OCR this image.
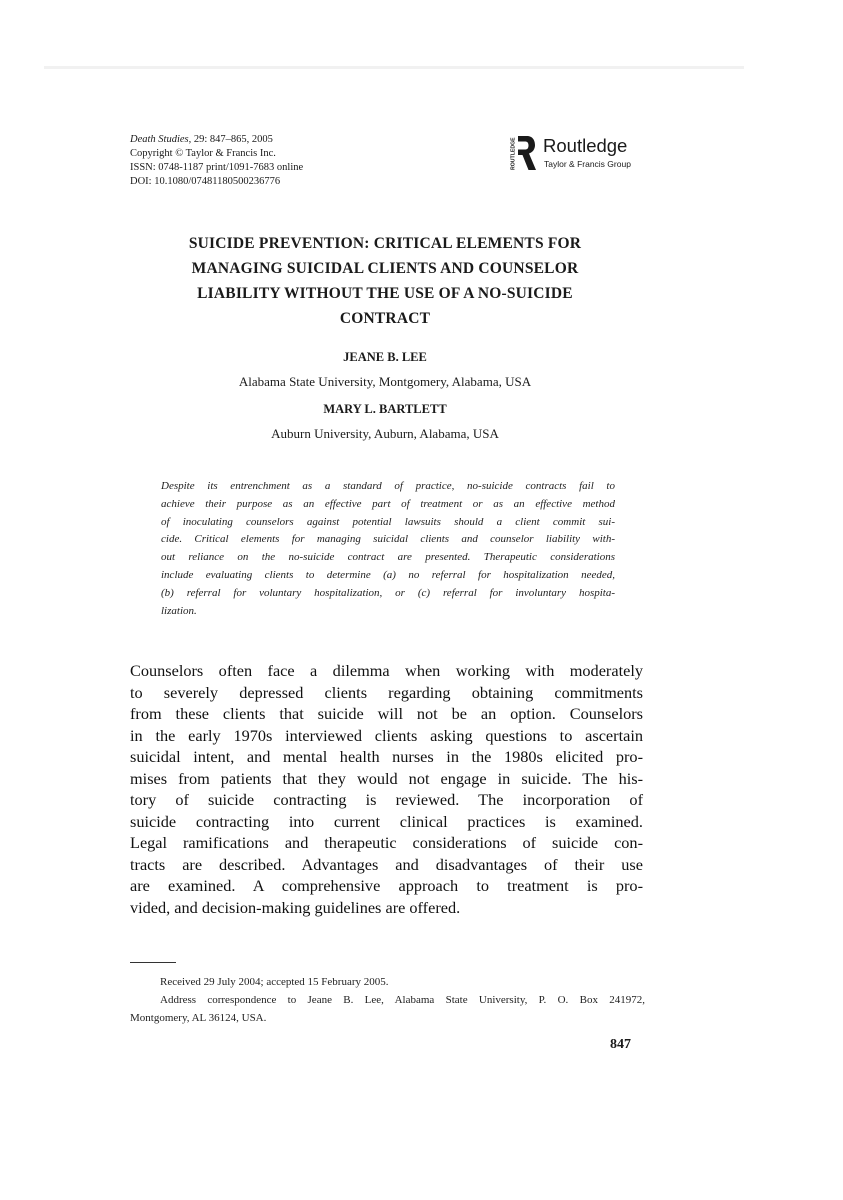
Death Studies, 29: 847–865, 2005
Copyright © Taylor & Francis Inc.
ISSN: 0748-1187 print/1091-7683 online
DOI: 10.1080/07481180500236776
ROUTLEDGE Routledge
Taylor & Francis Group
SUICIDE PREVENTION: CRITICAL ELEMENTS FOR
MANAGING SUICIDAL CLIENTS AND COUNSELOR
LIABILITY WITHOUT THE USE OF A NO-SUICIDE
CONTRACT
JEANE B. LEE
Alabama State University, Montgomery, Alabama, USA
MARY L. BARTLETT
Auburn University, Auburn, Alabama, USA
Despite its entrenchment as a standard of practice, no-suicide contracts fail to
achieve their purpose as an effective part of treatment or as an effective method
of inoculating counselors against potential lawsuits should a client commit sui-
cide. Critical elements for managing suicidal clients and counselor liability with-
out reliance on the no-suicide contract are presented. Therapeutic considerations
include evaluating clients to determine (a) no referral for hospitalization needed,
(b) referral for voluntary hospitalization, or (c) referral for involuntary hospita-
lization.
Counselors often face a dilemma when working with moderately
to severely depressed clients regarding obtaining commitments
from these clients that suicide will not be an option. Counselors
in the early 1970s interviewed clients asking questions to ascertain
suicidal intent, and mental health nurses in the 1980s elicited pro-
mises from patients that they would not engage in suicide. The his-
tory of suicide contracting is reviewed. The incorporation of
suicide contracting into current clinical practices is examined.
Legal ramifications and therapeutic considerations of suicide con-
tracts are described. Advantages and disadvantages of their use
are examined. A comprehensive approach to treatment is pro-
vided, and decision-making guidelines are offered.
Received 29 July 2004; accepted 15 February 2005.
Address correspondence to Jeane B. Lee, Alabama State University, P. O. Box 241972,
Montgomery, AL 36124, USA.
847
